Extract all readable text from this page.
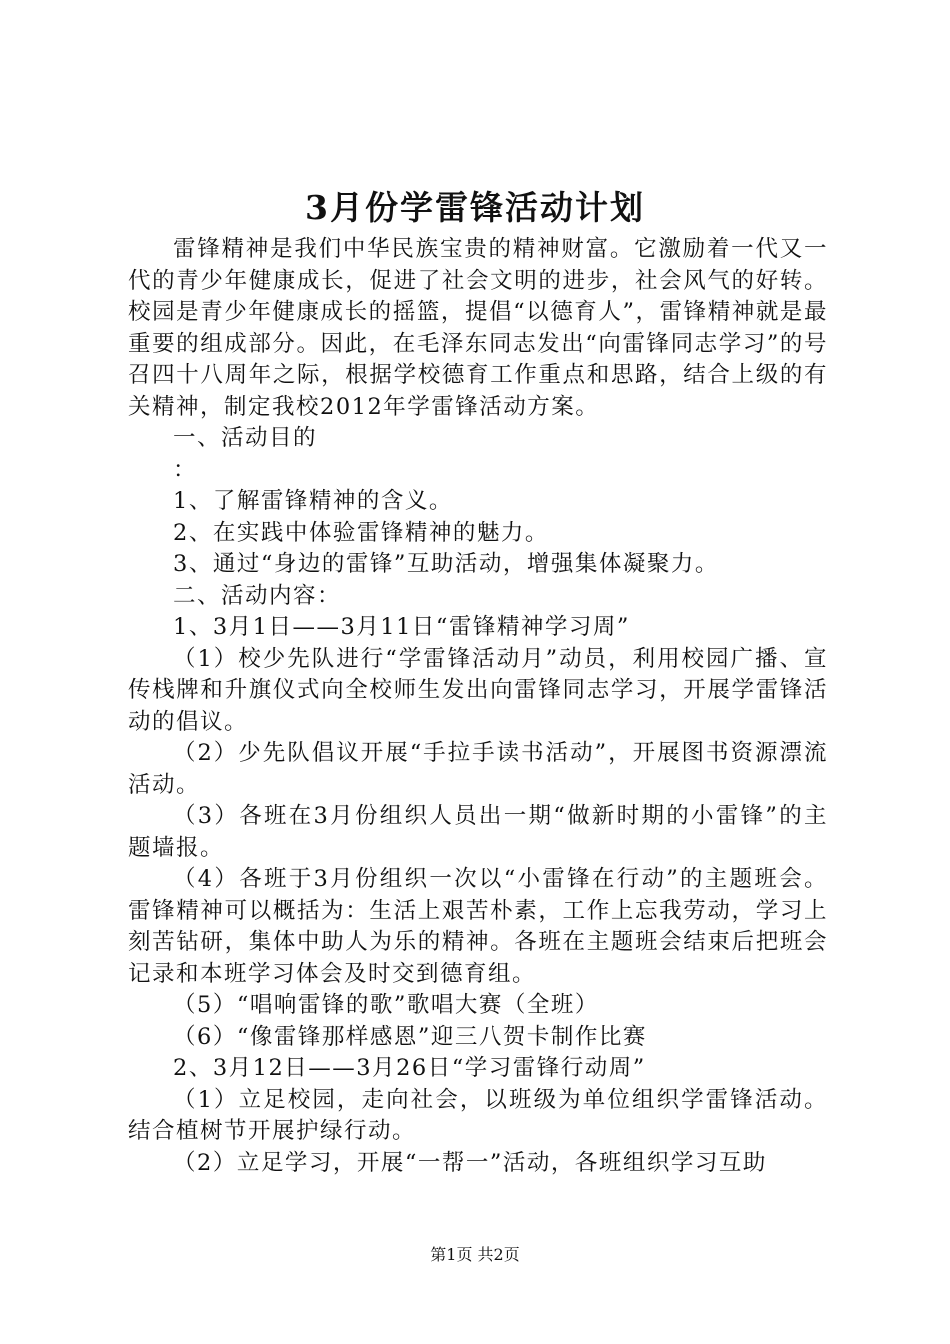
3月份学雷锋活动计划

雷锋精神是我们中华民族宝贵的精神财富。它激励着一代又一代的青少年健康成长，促进了社会文明的进步，社会风气的好转。校园是青少年健康成长的摇篮，提倡“以德育人”，雷锋精神就是最重要的组成部分。因此，在毛泽东同志发出“向雷锋同志学习”的号召四十八周年之际，根据学校德育工作重点和思路，结合上级的有关精神，制定我校2012年学雷锋活动方案。

一、活动目的

：

1、了解雷锋精神的含义。

2、在实践中体验雷锋精神的魅力。

3、通过“身边的雷锋”互助活动，增强集体凝聚力。

二、活动内容：

1、3月1日——3月11日“雷锋精神学习周”

（1）校少先队进行“学雷锋活动月”动员，利用校园广播、宣传栈牌和升旗仪式向全校师生发出向雷锋同志学习，开展学雷锋活动的倡议。

（2）少先队倡议开展“手拉手读书活动”，开展图书资源漂流活动。

（3）各班在3月份组织人员出一期“做新时期的小雷锋”的主题墙报。

（4）各班于3月份组织一次以“小雷锋在行动”的主题班会。雷锋精神可以概括为：生活上艰苦朴素，工作上忘我劳动，学习上刻苦钻研，集体中助人为乐的精神。各班在主题班会结束后把班会记录和本班学习体会及时交到德育组。

（5）“唱响雷锋的歌”歌唱大赛（全班）

（6）“像雷锋那样感恩”迎三八贺卡制作比赛

2、3月12日——3月26日“学习雷锋行动周”

（1）立足校园，走向社会，以班级为单位组织学雷锋活动。结合植树节开展护绿行动。

（2）立足学习，开展“一帮一”活动，各班组织学习互助

第1页 共2页
